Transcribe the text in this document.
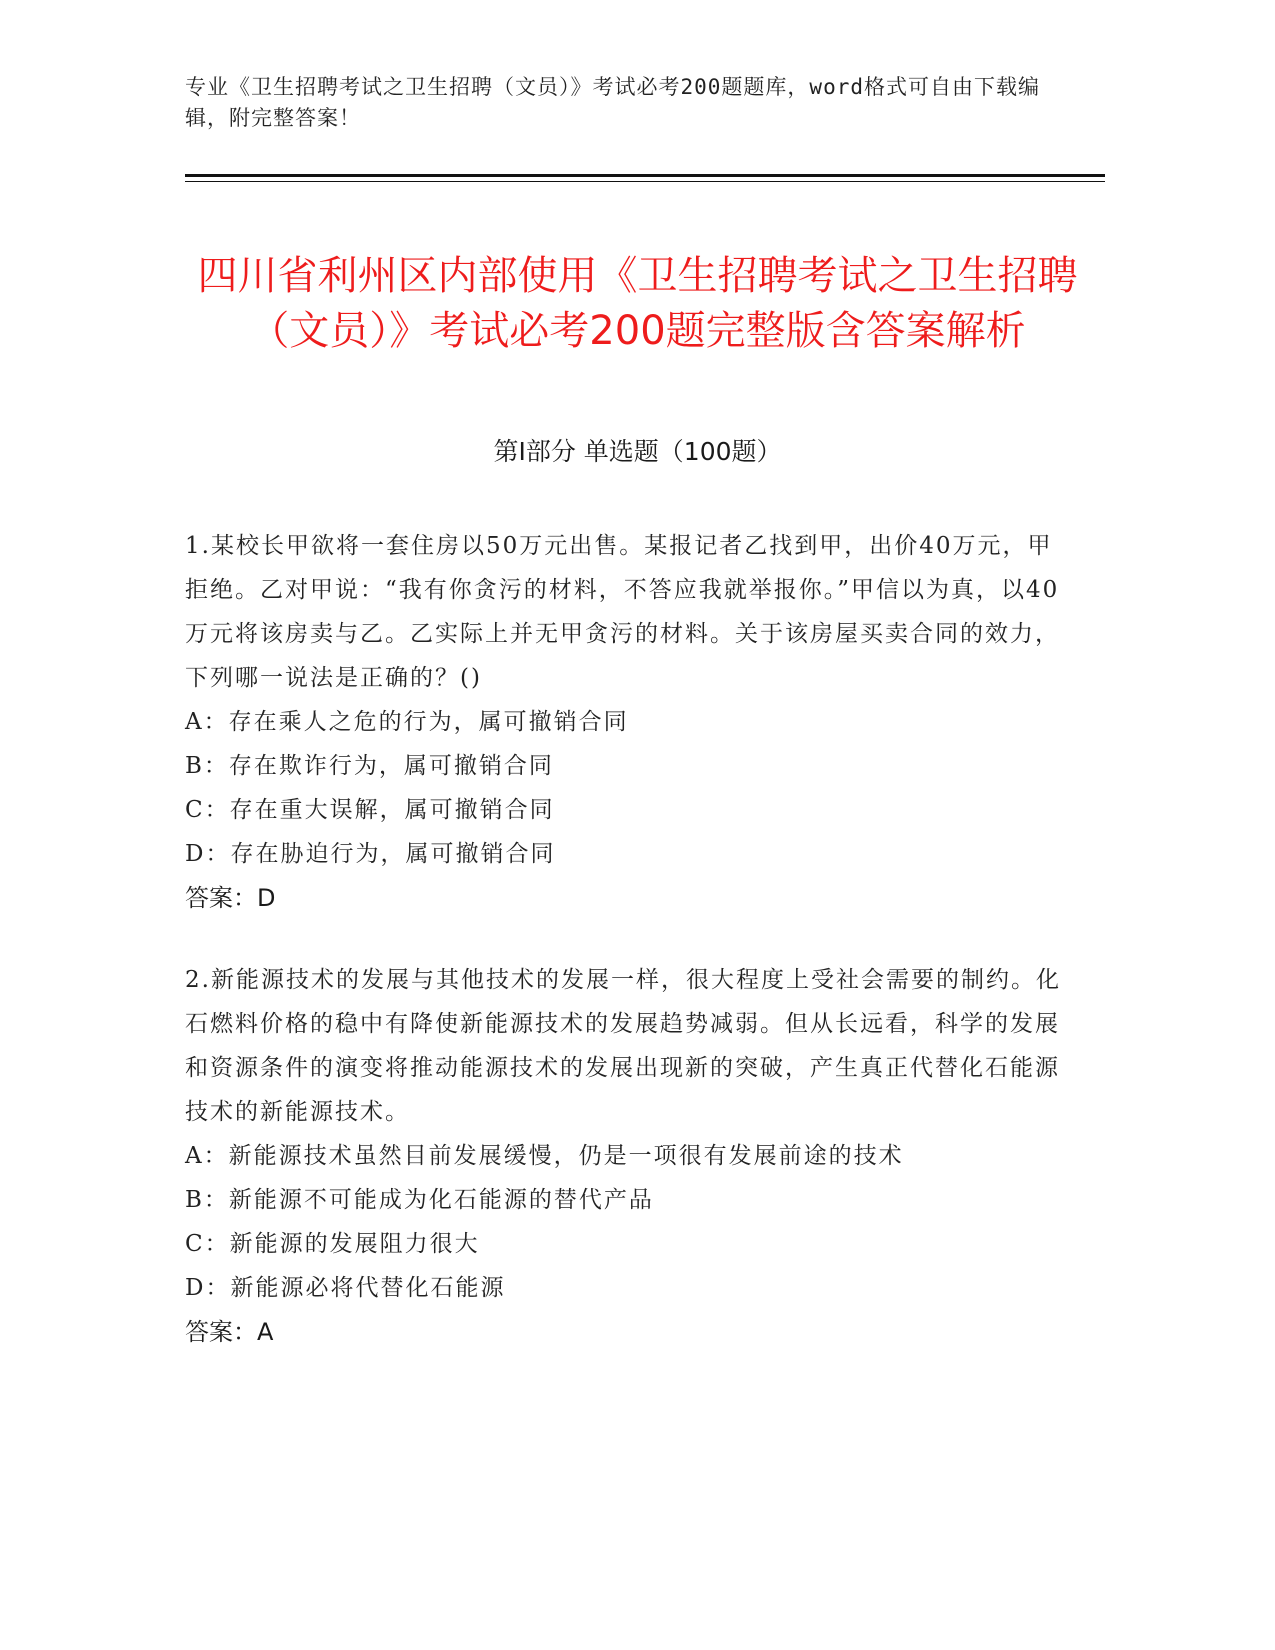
专业《卫生招聘考试之卫生招聘（文员）》考试必考200题题库，word格式可自由下载编辑，附完整答案！
四川省利州区内部使用《卫生招聘考试之卫生招聘（文员）》考试必考200题完整版含答案解析
第I部分 单选题（100题）

1.某校长甲欲将一套住房以50万元出售。某报记者乙找到甲，出价40万元，甲拒绝。乙对甲说：“我有你贪污的材料，不答应我就举报你。”甲信以为真，以40万元将该房卖与乙。乙实际上并无甲贪污的材料。关于该房屋买卖合同的效力，下列哪一说法是正确的？()

A：存在乘人之危的行为，属可撤销合同

B：存在欺诈行为，属可撤销合同

C：存在重大误解，属可撤销合同

D：存在胁迫行为，属可撤销合同

答案：D

2.新能源技术的发展与其他技术的发展一样，很大程度上受社会需要的制约。化石燃料价格的稳中有降使新能源技术的发展趋势减弱。但从长远看，科学的发展和资源条件的演变将推动能源技术的发展出现新的突破，产生真正代替化石能源技术的新能源技术。

A：新能源技术虽然目前发展缓慢，仍是一项很有发展前途的技术

B：新能源不可能成为化石能源的替代产品

C：新能源的发展阻力很大

D：新能源必将代替化石能源

答案：A
